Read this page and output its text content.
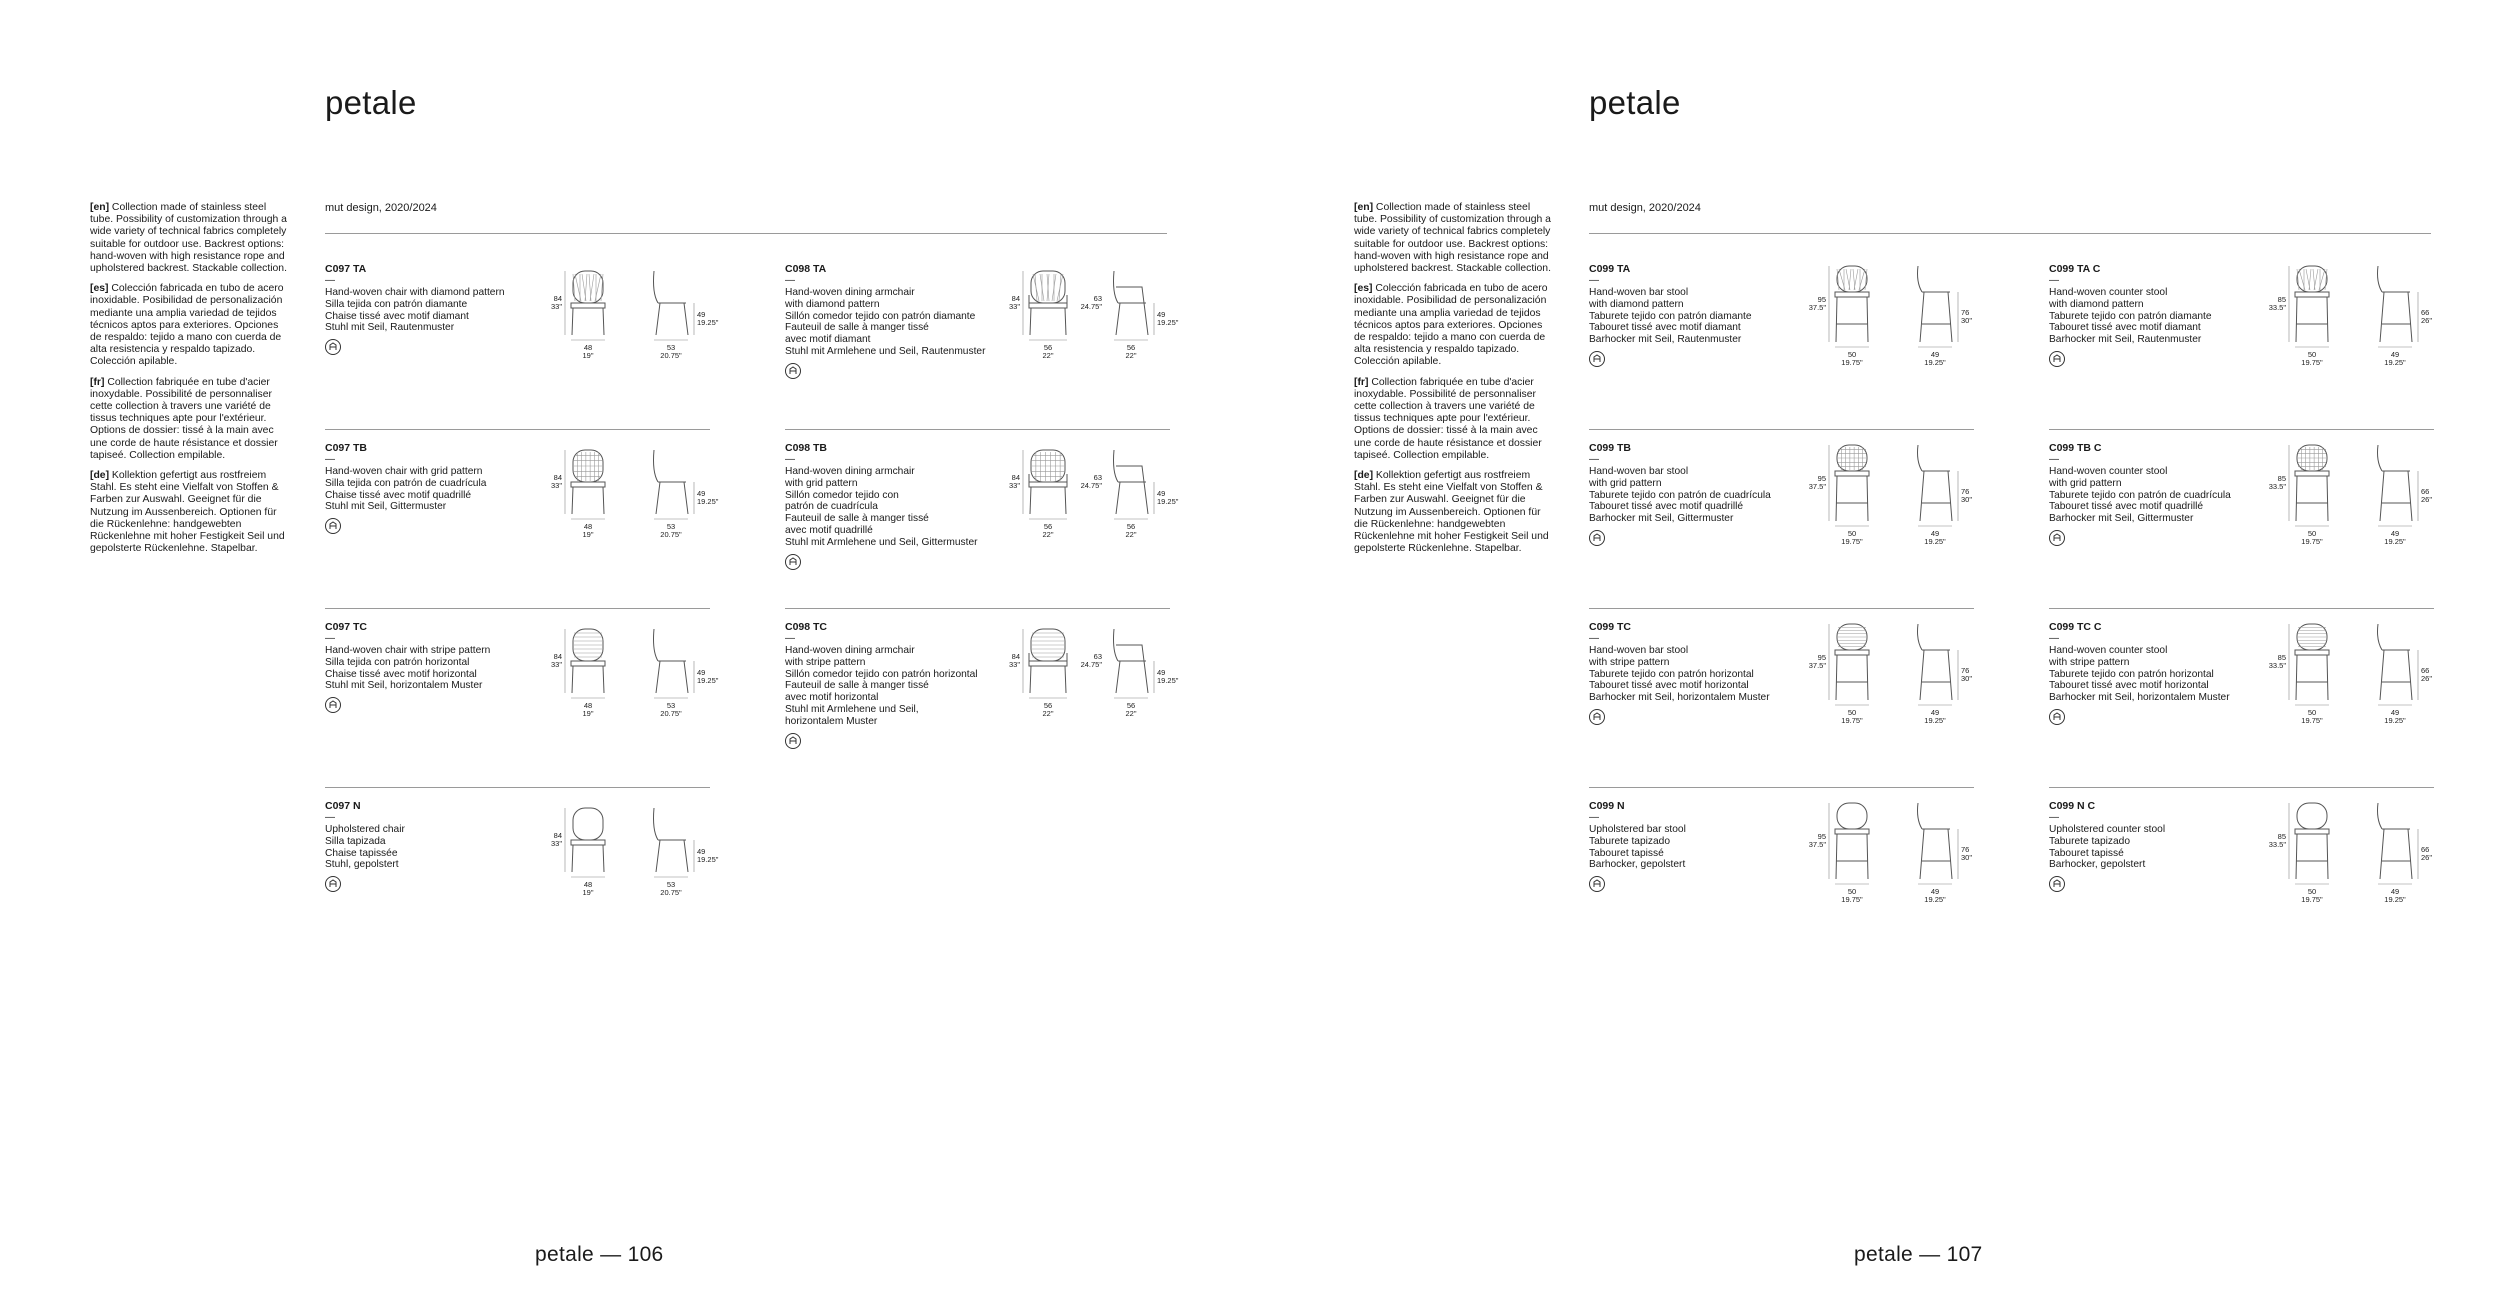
petale

[en] Collection made of stainless steel tube. Possibility of customization through a wide variety of technical fabrics completely suitable for outdoor use. Backrest options: hand-woven with high resistance rope and upholstered backrest. Stackable collection.

[es] Colección fabricada en tubo de acero inoxidable. Posibilidad de personalización mediante una amplia variedad de tejidos técnicos aptos para exteriores. Opciones de respaldo: tejido a mano con cuerda de alta resistencia y respaldo tapizado. Colección apilable.

[fr] Collection fabriquée en tube d'acier inoxydable. Possibilité de personnaliser cette collection à travers une variété de tissus techniques apte pour l'extérieur. Options de dossier: tissé à la main avec une corde de haute résistance et dossier tapiseé. Collection empilable.

[de] Kollektion gefertigt aus rostfreiem Stahl. Es steht eine Vielfalt von Stoffen & Farben zur Auswahl. Geeignet für die Nutzung im Aussenbereich. Optionen für die Rückenlehne: handgewebten Rückenlehne mit hoher Festigkeit Seil und gepolsterte Rückenlehne. Stapelbar.

mut design, 2020/2024
petale — 106
C097 TA
—
Hand-woven chair with diamond pattern
Silla tejida con patrón diamante
Chaise tissé avec motif diamant
Stuhl mit Seil, Rautenmuster
84
33"
48
19"
49
19.25"
53
20.75"
C098 TA
—
Hand-woven dining armchair
with diamond pattern
Sillón comedor tejido con patrón diamante
Fauteuil de salle à manger tissé
avec motif diamant
Stuhl mit Armlehene und Seil, Rautenmuster
84
33"
56
22"
49
19.25"
63
24.75"
56
22"
C097 TB
—
Hand-woven chair with grid pattern
Silla tejida con patrón de cuadrícula
Chaise tissé avec motif quadrillé
Stuhl mit Seil, Gittermuster
84
33"
48
19"
49
19.25"
53
20.75"
C098 TB
—
Hand-woven dining armchair
with grid pattern
Sillón comedor tejido con
patrón de cuadrícula
Fauteuil de salle à manger tissé
avec motif quadrillé
Stuhl mit Armlehene und Seil, Gittermuster
84
33"
56
22"
49
19.25"
63
24.75"
56
22"
C097 TC
—
Hand-woven chair with stripe pattern
Silla tejida con patrón horizontal
Chaise tissé avec motif horizontal
Stuhl mit Seil, horizontalem Muster
84
33"
48
19"
49
19.25"
53
20.75"
C098 TC
—
Hand-woven dining armchair
with stripe pattern
Sillón comedor tejido con patrón horizontal
Fauteuil de salle à manger tissé
avec motif horizontal
Stuhl mit Armlehene und Seil,
horizontalem Muster
84
33"
56
22"
49
19.25"
63
24.75"
56
22"
C097 N
—
Upholstered chair
Silla tapizada
Chaise tapissée
Stuhl, gepolstert
84
33"
48
19"
49
19.25"
53
20.75"
petale

[en] Collection made of stainless steel tube. Possibility of customization through a wide variety of technical fabrics completely suitable for outdoor use. Backrest options: hand-woven with high resistance rope and upholstered backrest. Stackable collection.

[es] Colección fabricada en tubo de acero inoxidable. Posibilidad de personalización mediante una amplia variedad de tejidos técnicos aptos para exteriores. Opciones de respaldo: tejido a mano con cuerda de alta resistencia y respaldo tapizado. Colección apilable.

[fr] Collection fabriquée en tube d'acier inoxydable. Possibilité de personnaliser cette collection à travers une variété de tissus techniques apte pour l'extérieur. Options de dossier: tissé à la main avec une corde de haute résistance et dossier tapiseé. Collection empilable.

[de] Kollektion gefertigt aus rostfreiem Stahl. Es steht eine Vielfalt von Stoffen & Farben zur Auswahl. Geeignet für die Nutzung im Aussenbereich. Optionen für die Rückenlehne: handgewebten Rückenlehne mit hoher Festigkeit Seil und gepolsterte Rückenlehne. Stapelbar.

mut design, 2020/2024
petale — 107
C099 TA
—
Hand-woven bar stool
with diamond pattern
Taburete tejido con patrón diamante
Tabouret tissé avec motif diamant
Barhocker mit Seil, Rautenmuster
95
37.5"
50
19.75"
76
30"
49
19.25"
C099 TA C
—
Hand-woven counter stool
with diamond pattern
Taburete tejido con patrón diamante
Tabouret tissé avec motif diamant
Barhocker mit Seil, Rautenmuster
85
33.5"
50
19.75"
66
26"
49
19.25"
C099 TB
—
Hand-woven bar stool
with grid pattern
Taburete tejido con patrón de cuadrícula
Tabouret tissé avec motif quadrillé
Barhocker mit Seil, Gittermuster
95
37.5"
50
19.75"
76
30"
49
19.25"
C099 TB C
—
Hand-woven counter stool
with grid pattern
Taburete tejido con patrón de cuadrícula
Tabouret tissé avec motif quadrillé
Barhocker mit Seil, Gittermuster
85
33.5"
50
19.75"
66
26"
49
19.25"
C099 TC
—
Hand-woven bar stool
with stripe pattern
Taburete tejido con patrón horizontal
Tabouret tissé avec motif horizontal
Barhocker mit Seil, horizontalem Muster
95
37.5"
50
19.75"
76
30"
49
19.25"
C099 TC C
—
Hand-woven counter stool
with stripe pattern
Taburete tejido con patrón horizontal
Tabouret tissé avec motif horizontal
Barhocker mit Seil, horizontalem Muster
85
33.5"
50
19.75"
66
26"
49
19.25"
C099 N
—
Upholstered bar stool
Taburete tapizado
Tabouret tapissé
Barhocker, gepolstert
95
37.5"
50
19.75"
76
30"
49
19.25"
C099 N C
—
Upholstered counter stool
Taburete tapizado
Tabouret tapissé
Barhocker, gepolstert
85
33.5"
50
19.75"
66
26"
49
19.25"
